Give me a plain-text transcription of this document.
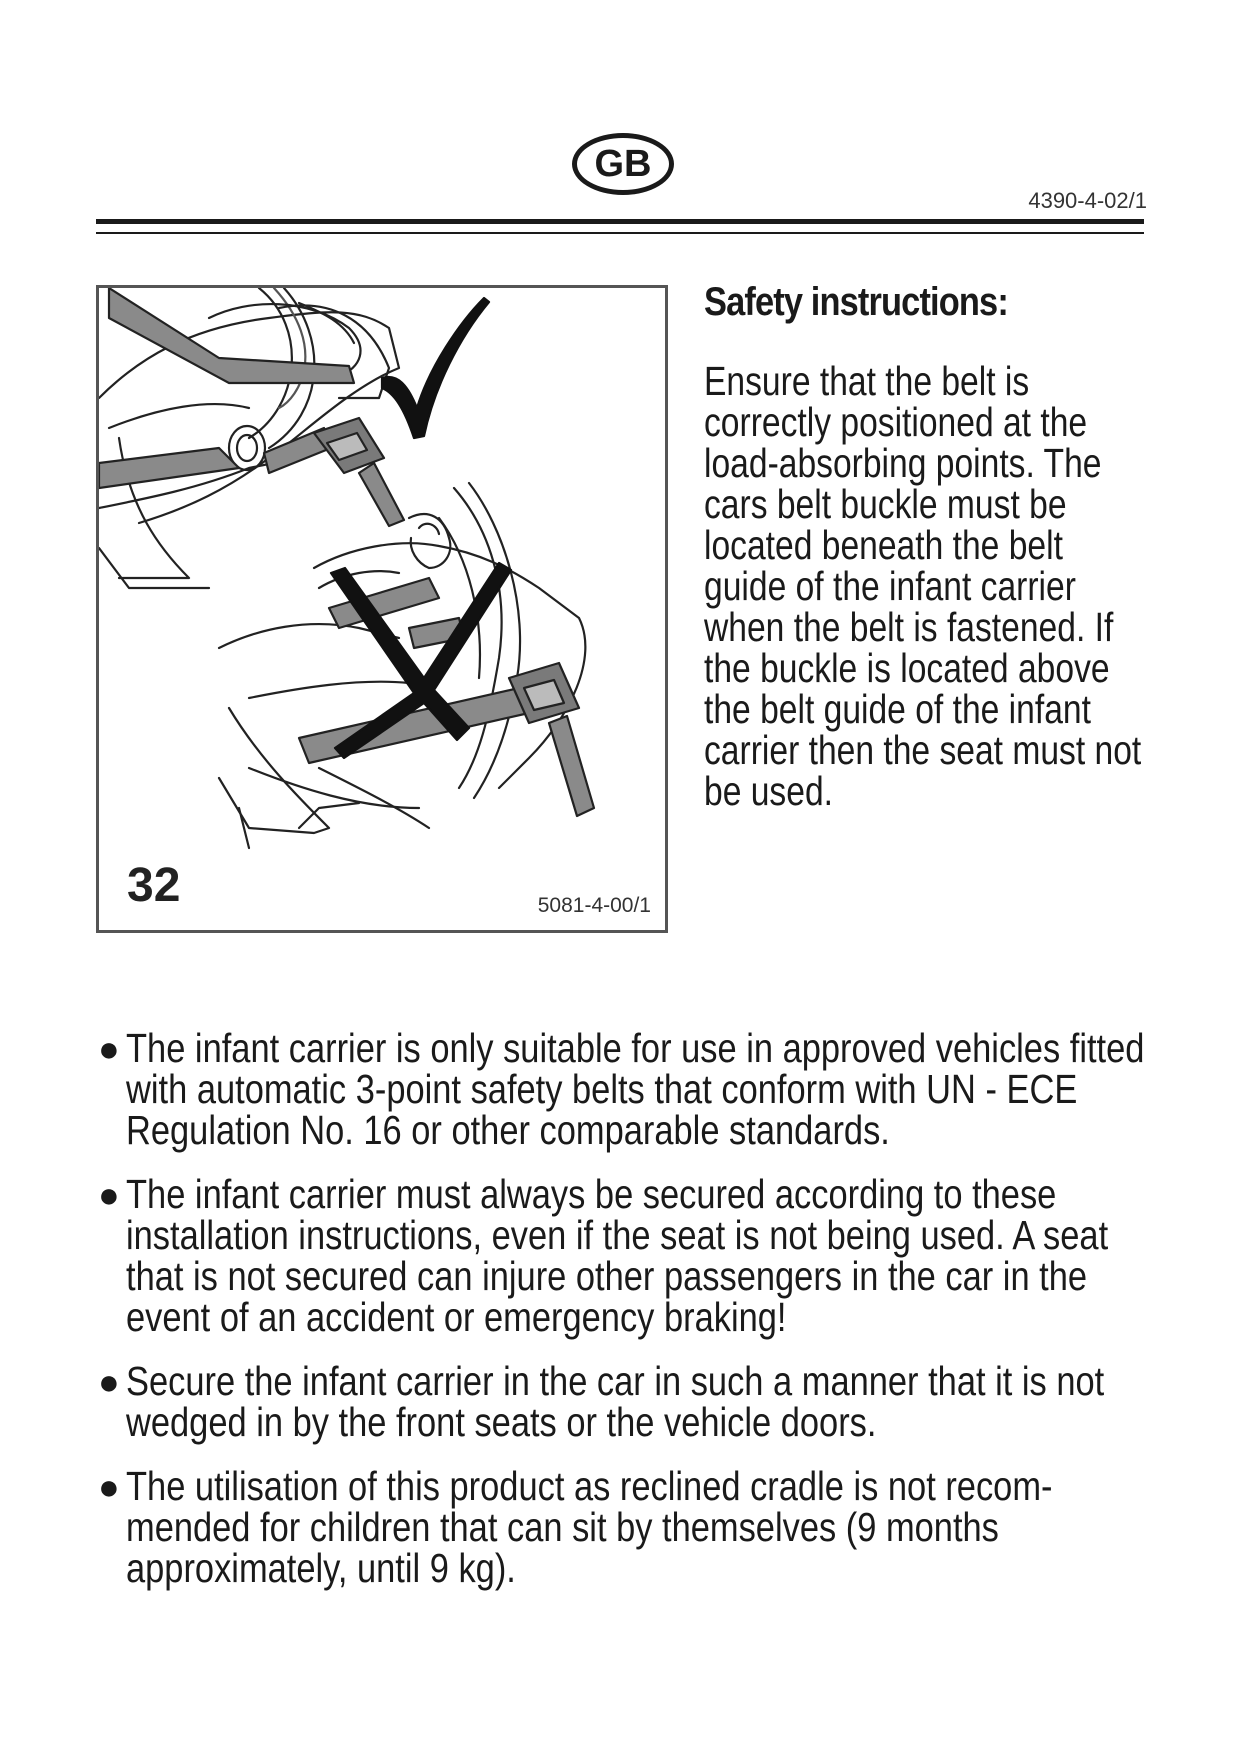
GB
4390-4-02/1
32	5081-4-00/1
Safety instructions:

Ensure that the belt is correctly positioned at the load-absorbing points. The cars belt buckle must be located beneath the belt guide of the infant carrier when the belt is fastened. If the buckle is located above the belt guide of the infant carrier then the seat must not be used.

● The infant carrier is only suitable for use in approved vehicles fitted with automatic 3-point safety belts that conform with UN - ECE Regulation No. 16 or other comparable standards.
● The infant carrier must always be secured according to these installation instructions, even if the seat is not being used. A seat that is not secured can injure other passengers in the car in the event of an accident or emergency braking!
● Secure the infant carrier in the car in such a manner that it is not wedged in by the front seats or the vehicle doors.
● The utilisation of this product as reclined cradle is not recom-mended for children that can sit by themselves (9 months approximately, until 9 kg).
